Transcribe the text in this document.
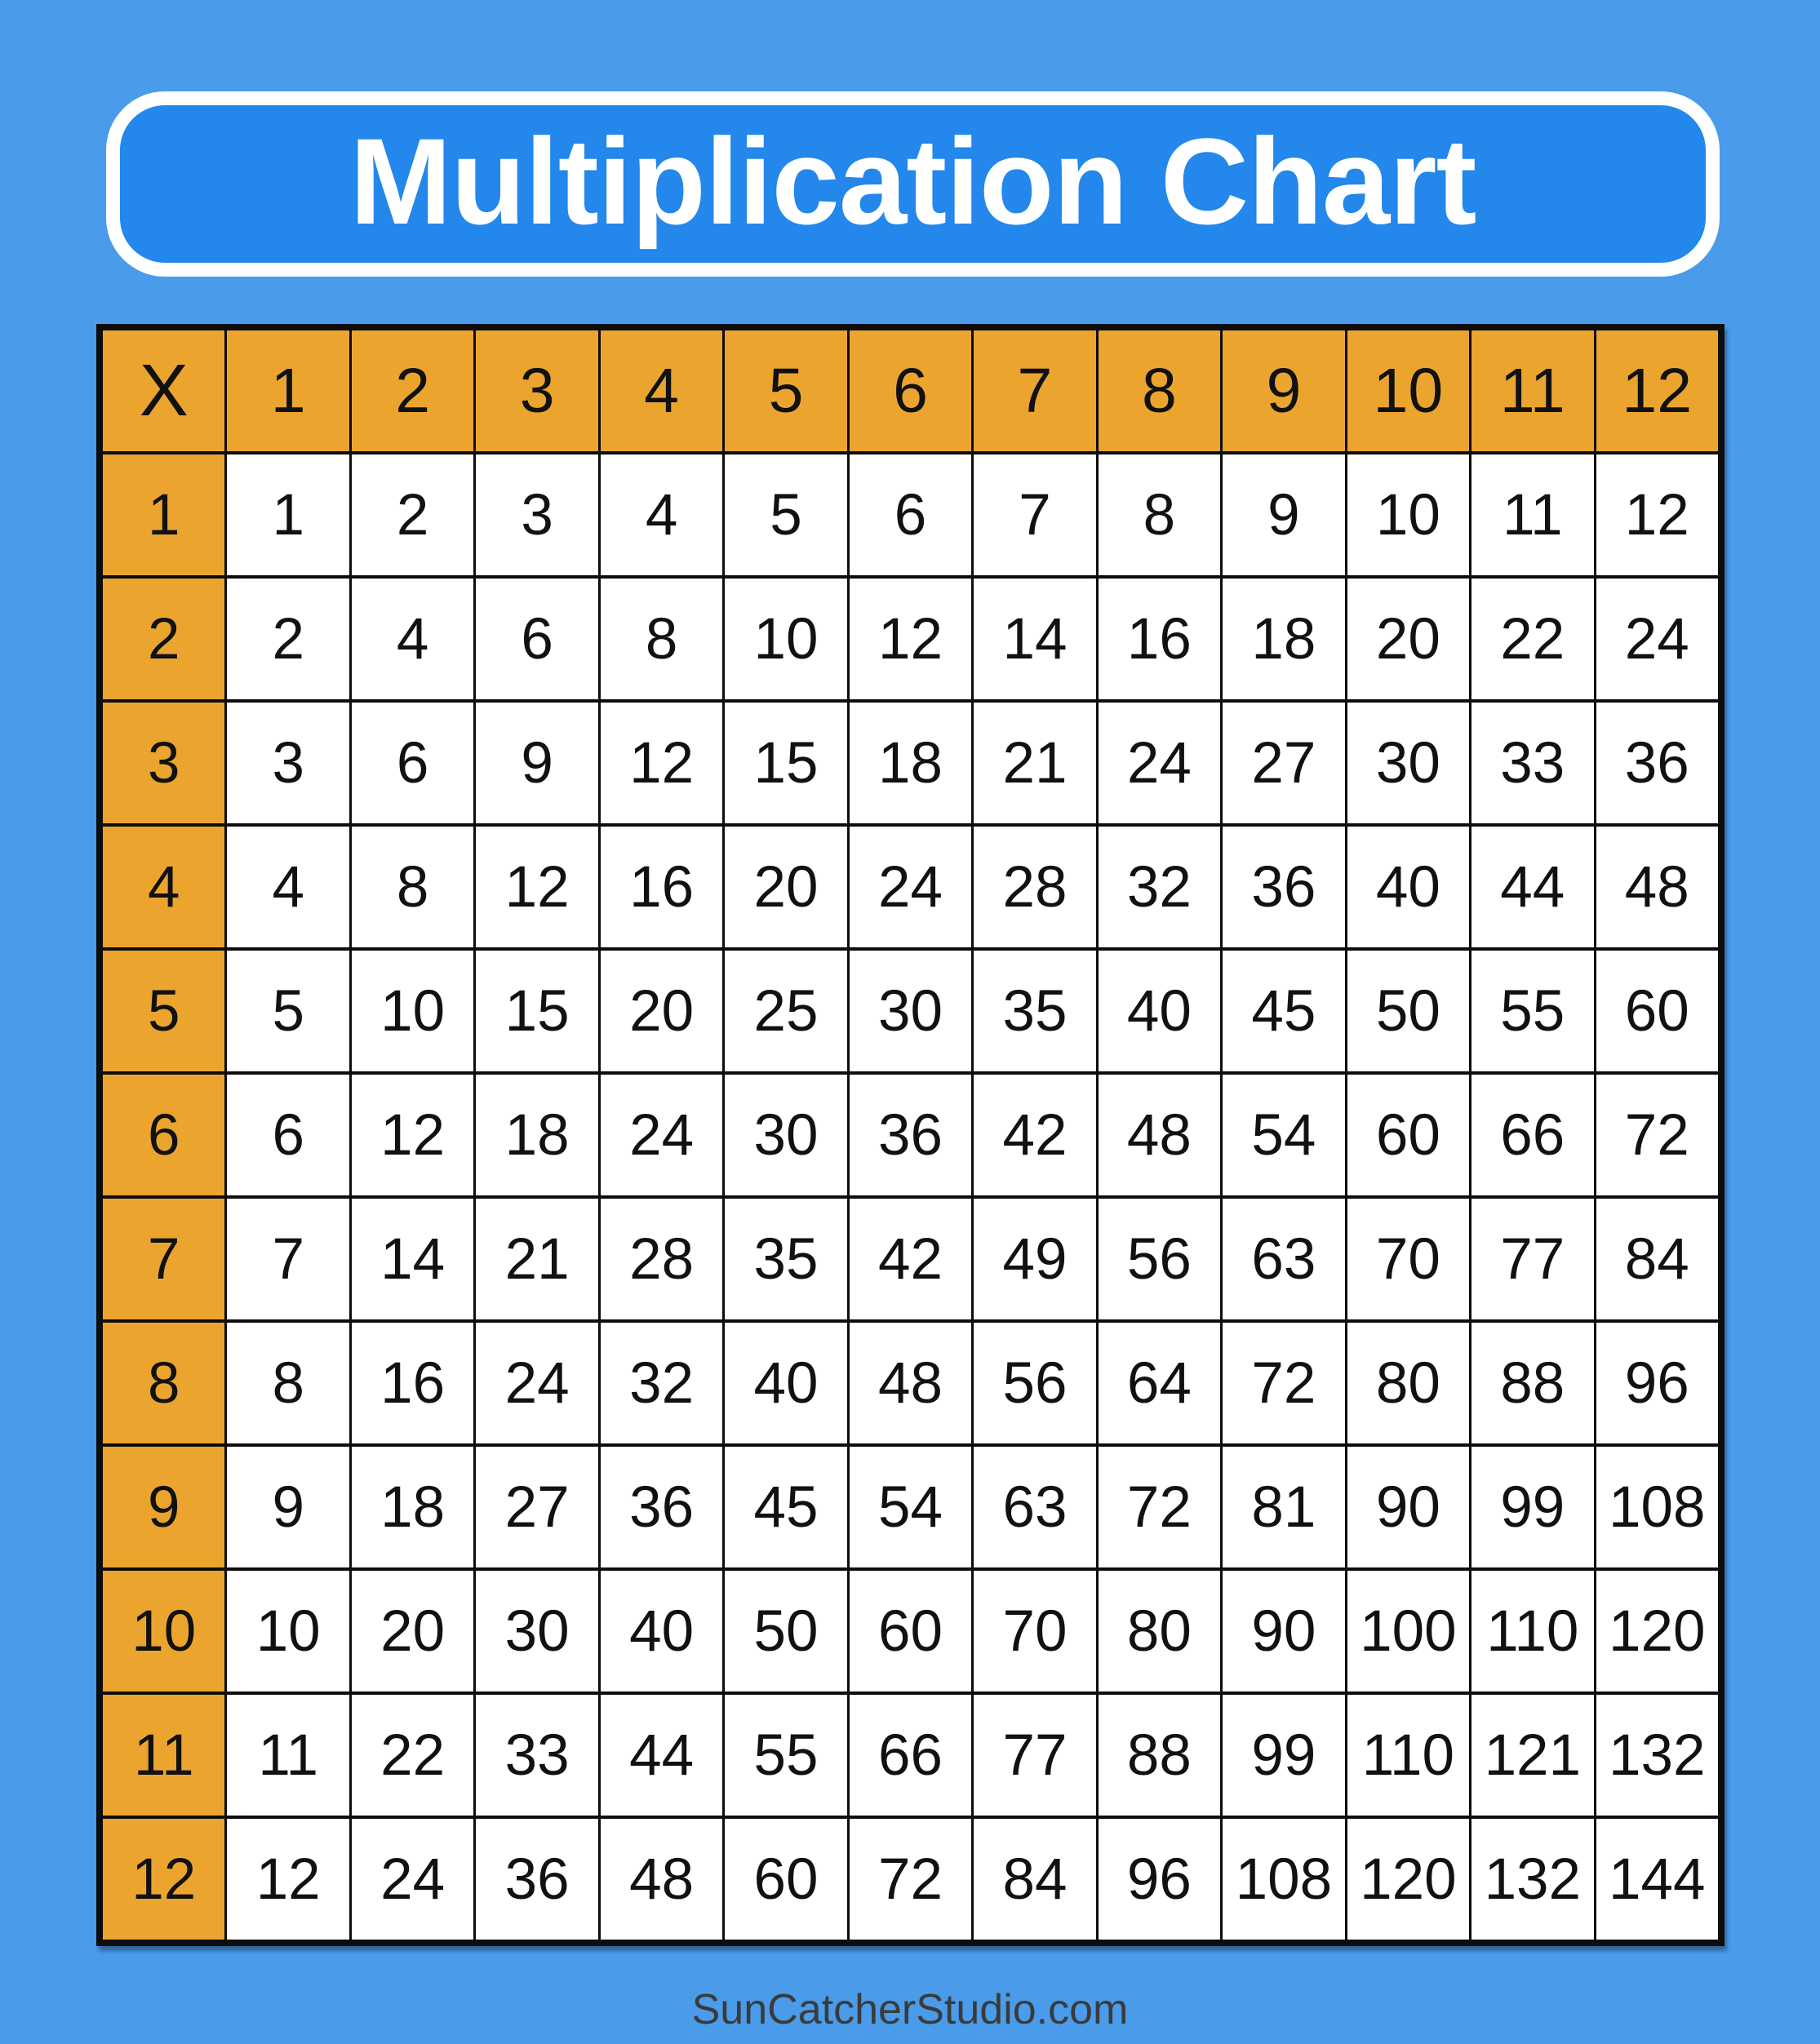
Multiplication Chart
X	1	2	3	4	5	6	7	8	9	10 11 12
1	1	2	3	4	5	6	7	8	9	10	11	12
2	2	4	6	8	10	12	14	16	18	20	22	24
3	3	6	9	12	15	18	21	24	27	30	33	36
4	4	8	12	16	20	24	28	32	36	40	44	48
5	5	10	15	20	25	30	35	40	45	50	55	60
6	6	12	18	24	30	36	42	48	54	60	66	72
7	7	14	21	28	35	42	49	56	63	70	77	84
8	8	16	24	32	40	48	56	64	72	80	88	96
9	9	18	27	36	45	54	63	72	81	90	99 108
10	10	20	30	40	50	60	70	80	90 100 110 120
11	11	22	33	44	55	66	77	88	99 110 121 132
12	12	24	36	48	60	72	84	96 108 120 132 144
SunCatcherStudio.com
